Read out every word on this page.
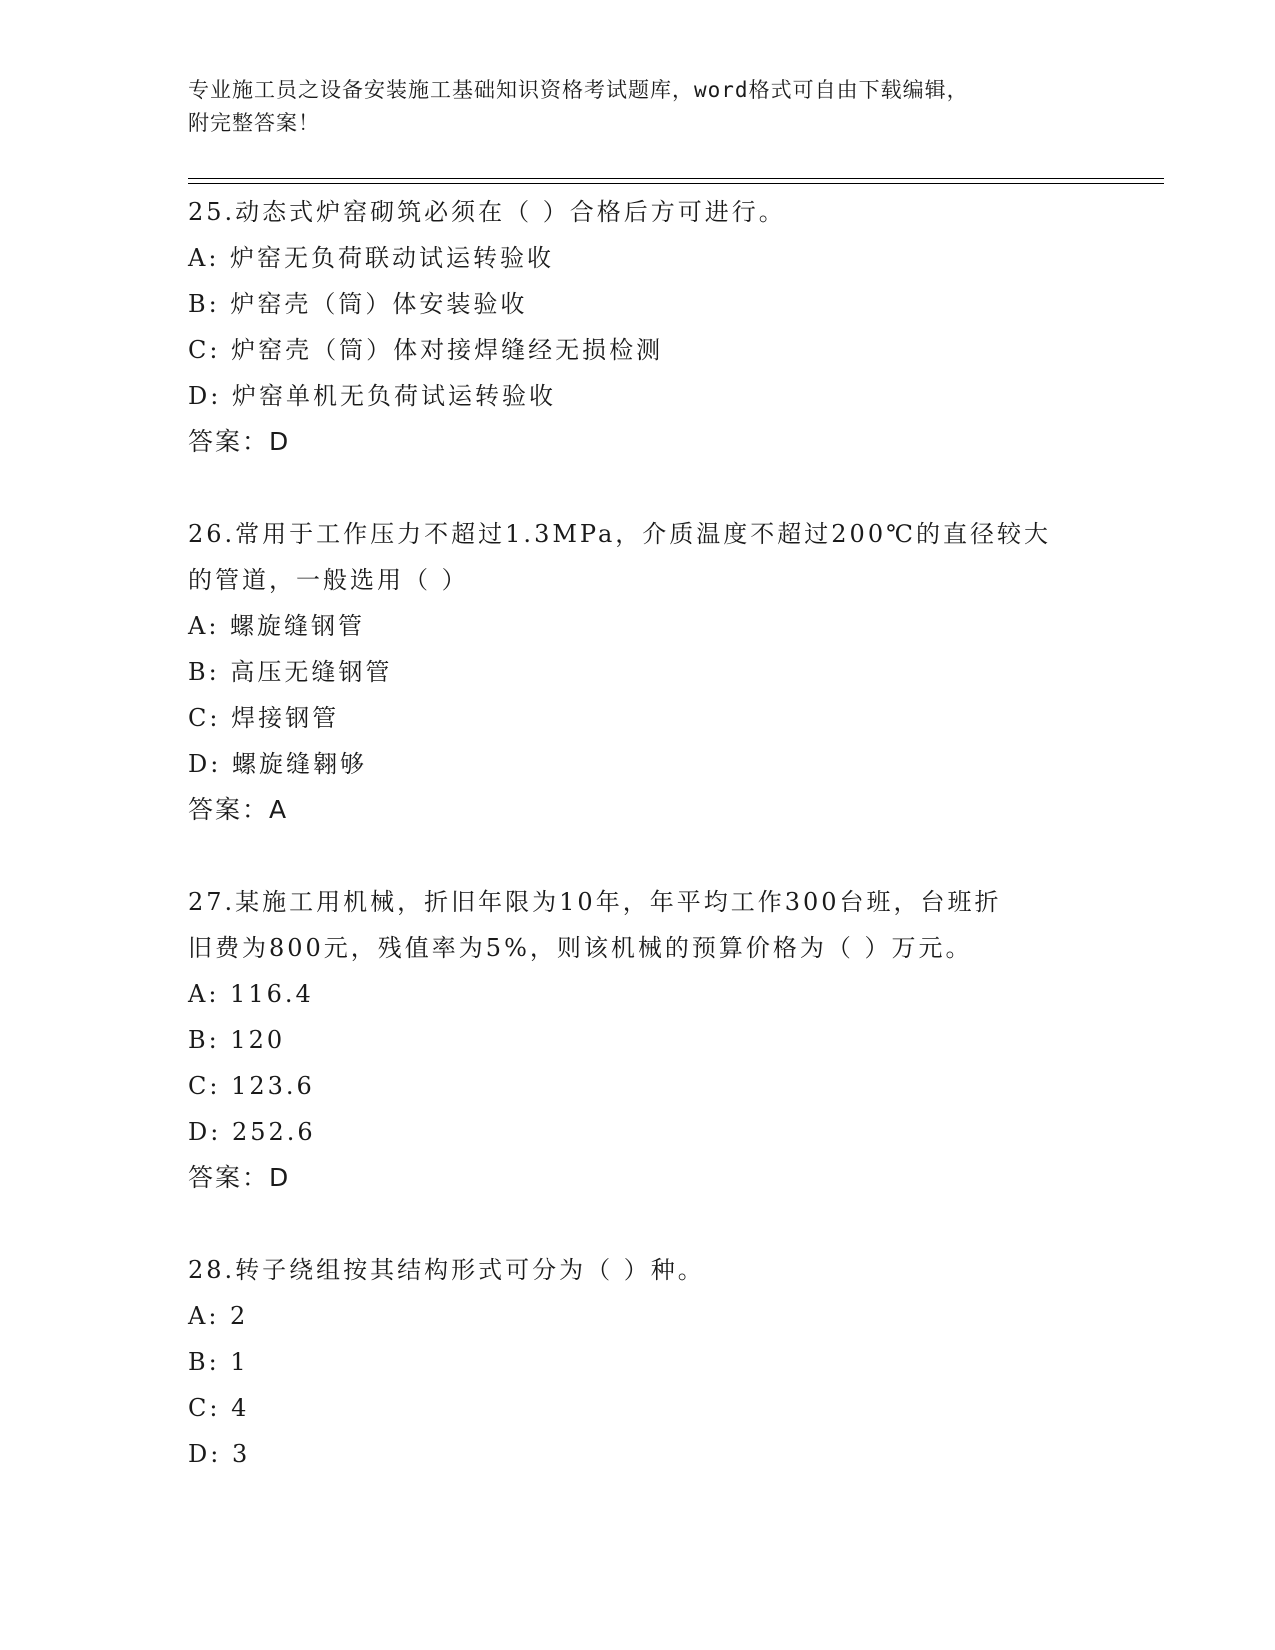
专业施工员之设备安装施工基础知识资格考试题库，word格式可自由下载编辑，
附完整答案！
25.动态式炉窑砌筑必须在（ ）合格后方可进行。
A: 炉窑无负荷联动试运转验收
B: 炉窑壳（筒）体安装验收
C: 炉窑壳（筒）体对接焊缝经无损检测
D: 炉窑单机无负荷试运转验收
答案：D
26.常用于工作压力不超过1.3MPa，介质温度不超过200℃的直径较大
的管道，一般选用（ ）
A: 螺旋缝钢管
B: 高压无缝钢管
C: 焊接钢管
D: 螺旋缝翱够
答案：A
27.某施工用机械，折旧年限为10年，年平均工作300台班，台班折
旧费为800元，残值率为5%，则该机械的预算价格为（ ）万元。
A: 116.4
B: 120
C: 123.6
D: 252.6
答案：D
28.转子绕组按其结构形式可分为（ ）种。
A: 2
B: 1
C: 4
D: 3
